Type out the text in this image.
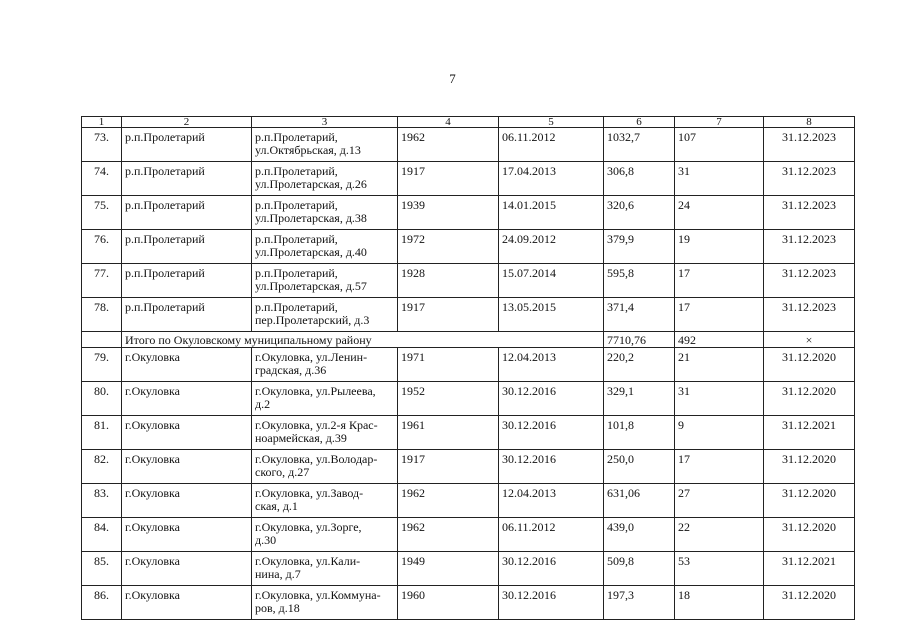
7
1	2	3	4	5	6	7	8
73.	р.п.Пролетарий	р.п.Пролетарий,
ул.Октябрьская, д.13	1962	06.11.2012	1032,7	107	31.12.2023
74.	р.п.Пролетарий	р.п.Пролетарий,
ул.Пролетарская, д.26	1917	17.04.2013	306,8	31	31.12.2023
75.	р.п.Пролетарий	р.п.Пролетарий,
ул.Пролетарская, д.38	1939	14.01.2015	320,6	24	31.12.2023
76.	р.п.Пролетарий	р.п.Пролетарий,
ул.Пролетарская, д.40	1972	24.09.2012	379,9	19	31.12.2023
77.	р.п.Пролетарий	р.п.Пролетарий,
ул.Пролетарская, д.57	1928	15.07.2014	595,8	17	31.12.2023
78.	р.п.Пролетарий	р.п.Пролетарий,
пер.Пролетарский, д.3	1917	13.05.2015	371,4	17	31.12.2023
	Итого по Окуловскому муниципальному району				7710,76	492	×
79.	г.Окуловка	г.Окуловка, ул.Ленин-
градская, д.36	1971	12.04.2013	220,2	21	31.12.2020
80.	г.Окуловка	г.Окуловка, ул.Рылеева,
д.2	1952	30.12.2016	329,1	31	31.12.2020
81.	г.Окуловка	г.Окуловка, ул.2-я Крас-
ноармейская, д.39	1961	30.12.2016	101,8	9	31.12.2021
82.	г.Окуловка	г.Окуловка, ул.Володар-
ского, д.27	1917	30.12.2016	250,0	17	31.12.2020
83.	г.Окуловка	г.Окуловка, ул.Завод-
ская, д.1	1962	12.04.2013	631,06	27	31.12.2020
84.	г.Окуловка	г.Окуловка, ул.Зорге,
д.30	1962	06.11.2012	439,0	22	31.12.2020
85.	г.Окуловка	г.Окуловка, ул.Кали-
нина, д.7	1949	30.12.2016	509,8	53	31.12.2021
86.	г.Окуловка	г.Окуловка, ул.Коммуна-
ров, д.18	1960	30.12.2016	197,3	18	31.12.2020
